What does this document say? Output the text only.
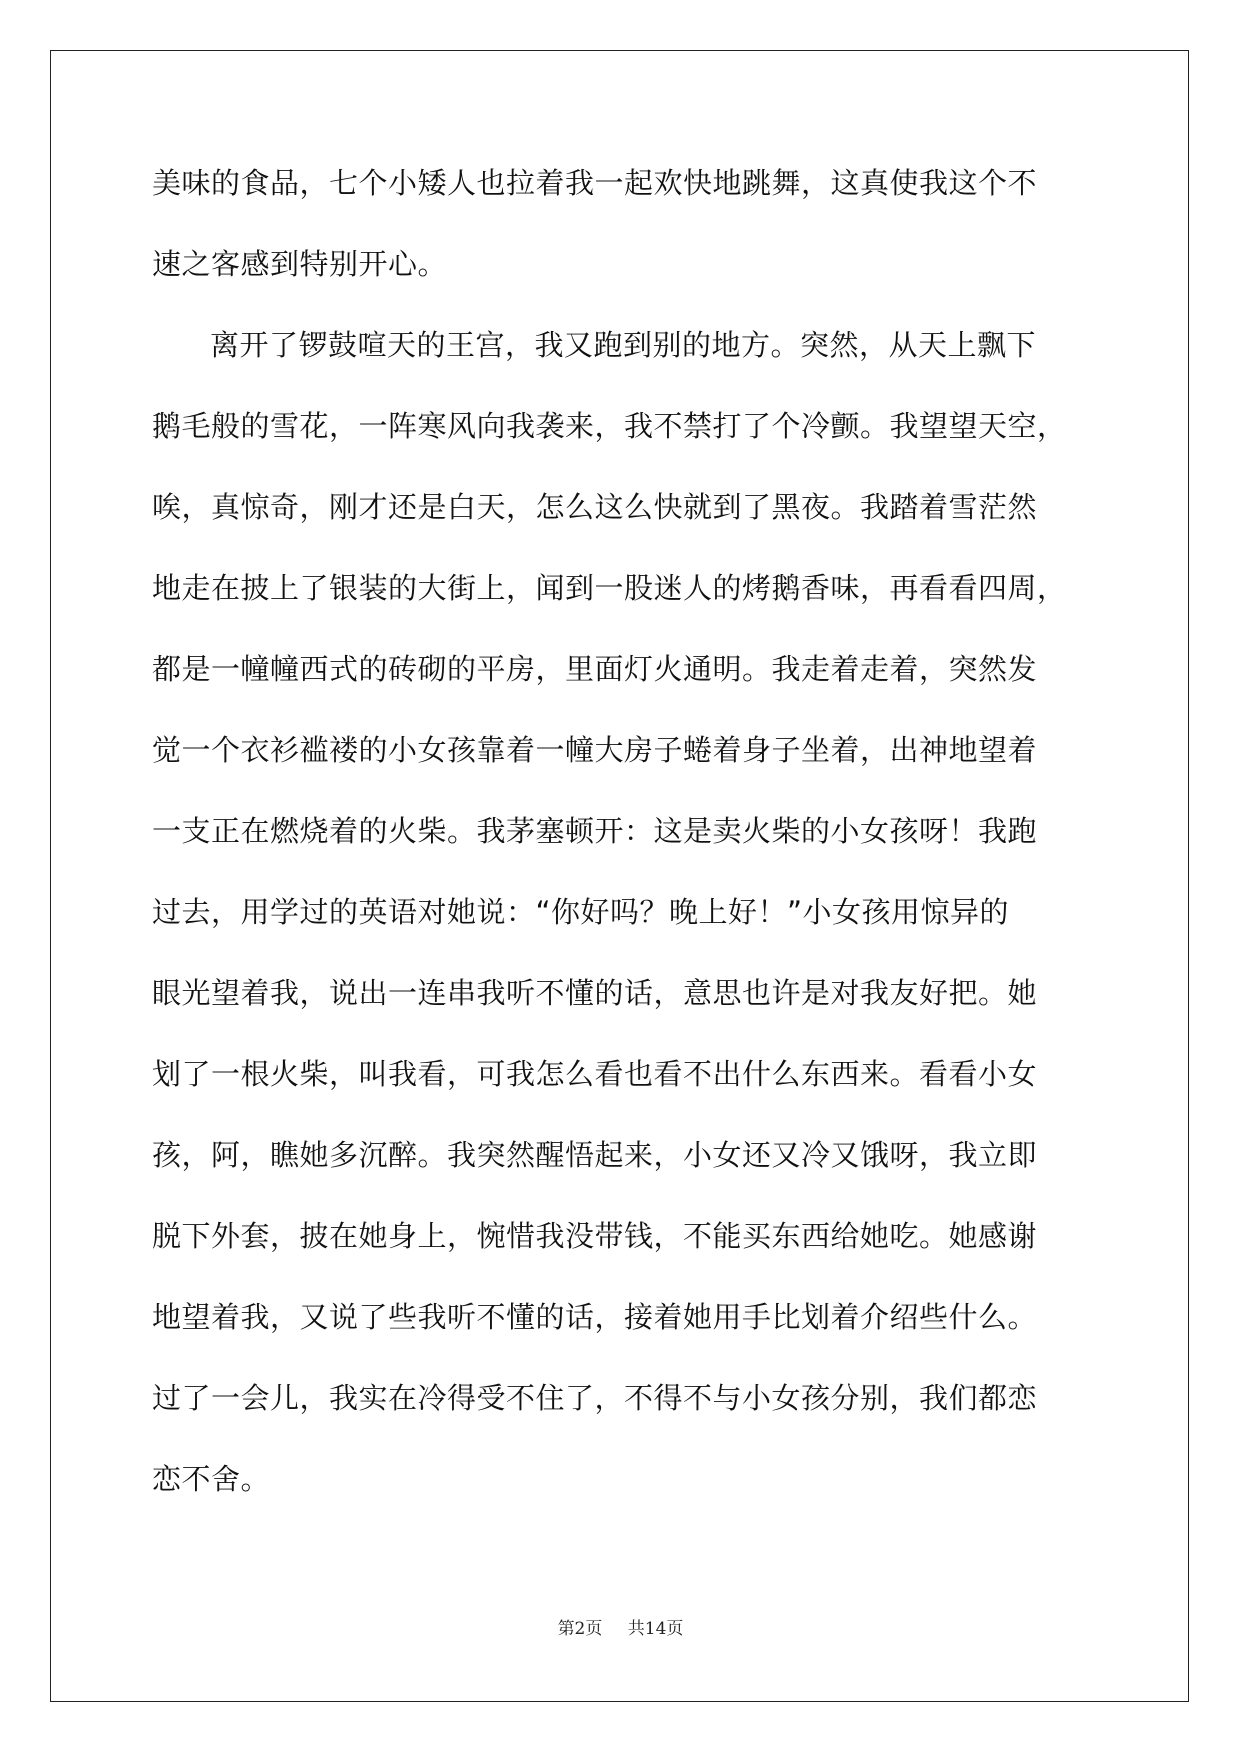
美味的食品，七个小矮人也拉着我一起欢快地跳舞，这真使我这个不
速之客感到特别开心。
离开了锣鼓喧天的王宫，我又跑到别的地方。突然，从天上飘下
鹅毛般的雪花，一阵寒风向我袭来，我不禁打了个冷颤。我望望天空，
唉，真惊奇，刚才还是白天，怎么这么快就到了黑夜。我踏着雪茫然
地走在披上了银装的大街上，闻到一股迷人的烤鹅香味，再看看四周，
都是一幢幢西式的砖砌的平房，里面灯火通明。我走着走着，突然发
觉一个衣衫褴褛的小女孩靠着一幢大房子蜷着身子坐着，出神地望着
一支正在燃烧着的火柴。我茅塞顿开：这是卖火柴的小女孩呀！我跑
过去，用学过的英语对她说：“你好吗？晚上好！”小女孩用惊异的
眼光望着我，说出一连串我听不懂的话，意思也许是对我友好把。她
划了一根火柴，叫我看，可我怎么看也看不出什么东西来。看看小女
孩，阿，瞧她多沉醉。我突然醒悟起来，小女还又冷又饿呀，我立即
脱下外套，披在她身上，惋惜我没带钱，不能买东西给她吃。她感谢
地望着我，又说了些我听不懂的话，接着她用手比划着介绍些什么。
过了一会儿，我实在冷得受不住了，不得不与小女孩分别，我们都恋
恋不舍。
第2页 共14页
